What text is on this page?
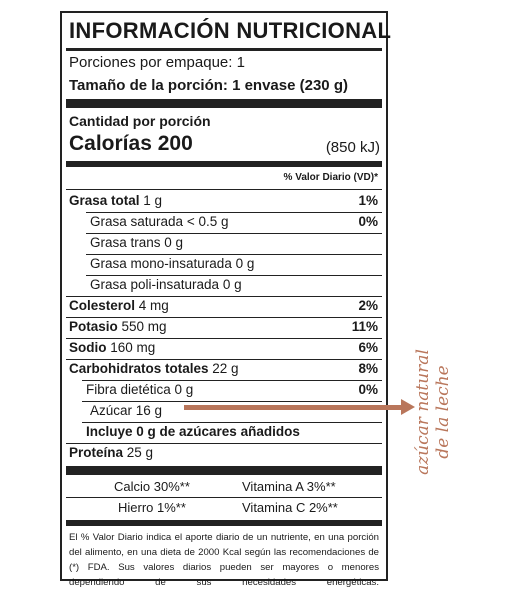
INFORMACIÓN NUTRICIONAL
Porciones por empaque: 1
Tamaño de la porción: 1 envase (230 g)
Cantidad por porción
Calorías 200	(850 kJ)
% Valor Diario (VD)*
Grasa total 1 g	1%
Grasa saturada < 0.5 g	0%
Grasa trans 0 g
Grasa mono-insaturada 0 g
Grasa poli-insaturada 0 g
Colesterol 4 mg	2%
Potasio 550 mg	11%
Sodio 160 mg	6%
Carbohidratos totales 22 g	8%
Fibra dietética 0 g	0%
Azúcar 16 g
Incluye 0 g de azúcares añadidos
Proteína 25 g
Calcio 30%**	Vitamina A 3%**
Hierro 1%**	Vitamina C 2%**
El % Valor Diario indica el aporte diario de un nutriente, en una porción del alimento, en una dieta de 2000 Kcal según las recomendaciones de (*) FDA. Sus valores diarios pueden ser mayores o menores dependiendo de sus necesidades energéticas.
azúcar natural de la leche
